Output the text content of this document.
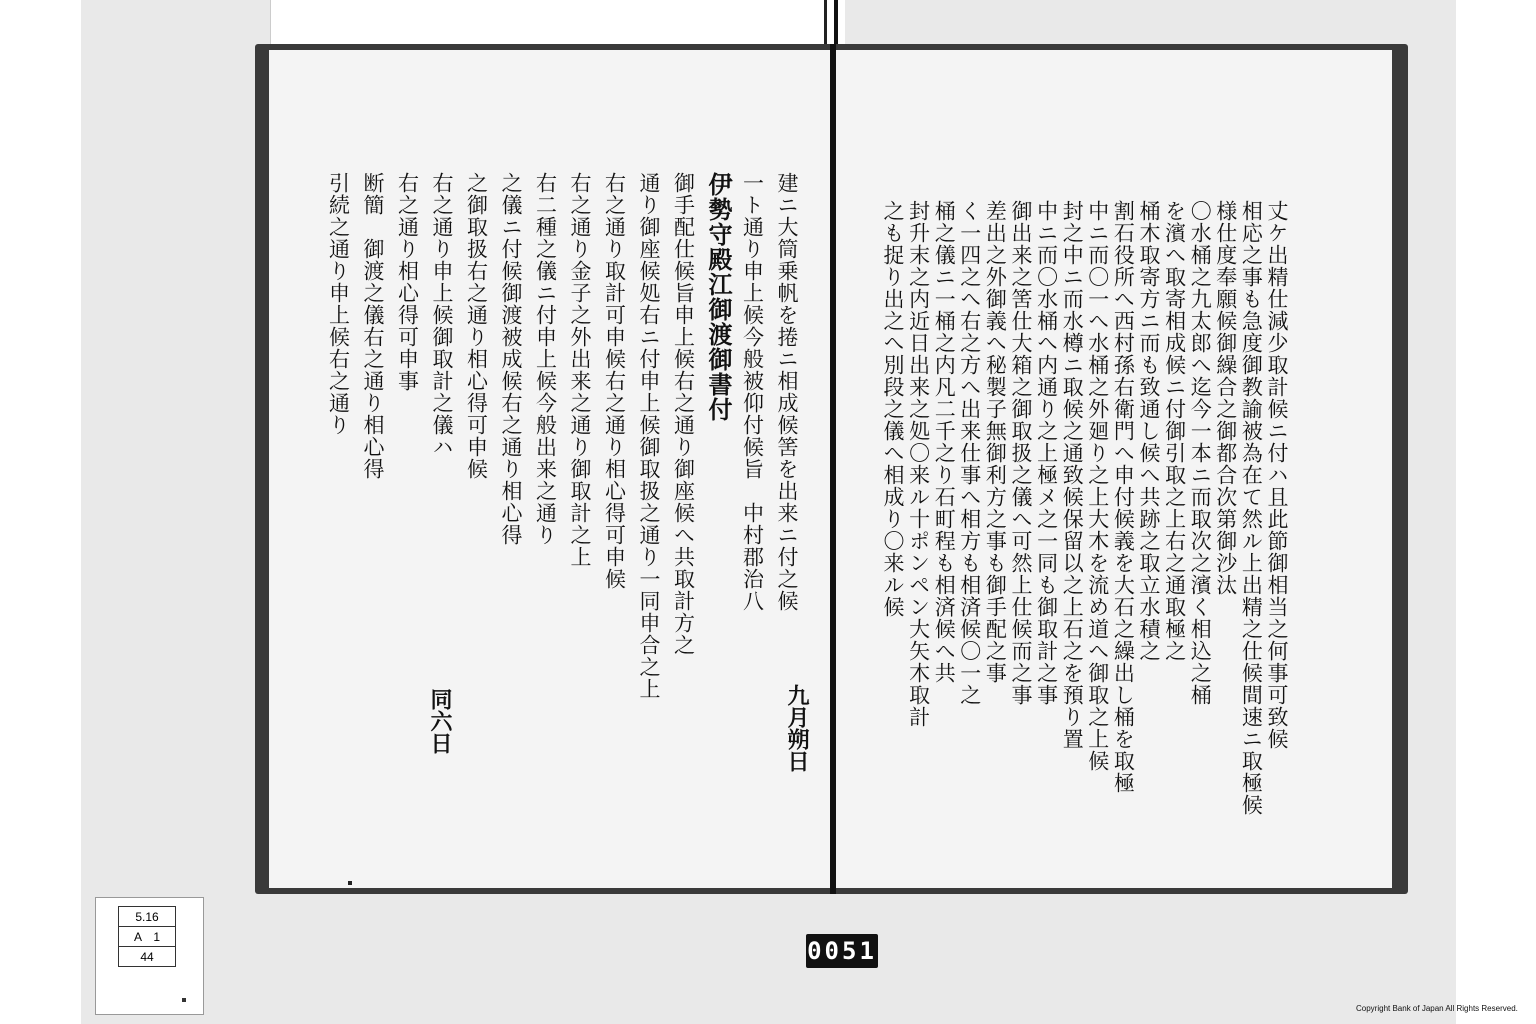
丈ケ出精仕減少取計候ニ付ハ且此節御相当之何事可致候
相応之事も急度御教諭被為在て然ル上出精之仕候間速ニ取極候
様仕度奉願候御繰合之御都合次第御沙汰
〇水桶之九太郎へ迄今一本ニ而取次之濱く相込之桶
を濱へ取寄相成候ニ付御引取之上右之通取極之
桶木取寄方ニ而も致通し候へ共跡之取立水積之
割石役所へ西村孫右衛門へ申付候義を大石之繰出し桶を取極
中ニ而〇一へ水桶之外廻り之上大木を流め道へ御取之上候
封之中ニ而水樽ニ取候之通致候保留以之上石之を預り置
中ニ而〇水桶へ内通り之上極メ之一同も御取計之事
御出来之筈仕大箱之御取扱之儀へ可然上仕候而之事
差出之外御義へ秘製子無御利方之事も御手配之事
く一四之へ右之方へ出来仕事へ相方も相済候〇一之
桶之儀ニ一桶之内凡二千之り石町程も相済候へ共
封升末之内近日出来之処〇来ル十ポンペン大矢木取計
之も捉り出之へ別段之儀へ相成り〇来ル候
建ニ大筒乗帆を捲ニ相成候筈を出来ニ付之候
一ト通り申上候今般被仰付候旨　中村郡治八
伊勢守殿江御渡御書付
御手配仕候旨申上候右之通り御座候へ共取計方之
通り御座候処右ニ付申上候御取扱之通り一同申合之上
右之通り取計可申候右之通り相心得可申候
右之通り金子之外出来之通り御取計之上
右二種之儀ニ付申上候今般出来之通り
之儀ニ付候御渡被成候右之通り相心得
之御取扱右之通り相心得可申候
右之通り申上候御取計之儀ハ
右之通り相心得可申事
断簡　御渡之儀右之通り相心得
引続之通り申上候右之通り
九月朔日
同六日
5.16
A　1
44	0051
Copyright Bank of Japan All Rights Reserved.
